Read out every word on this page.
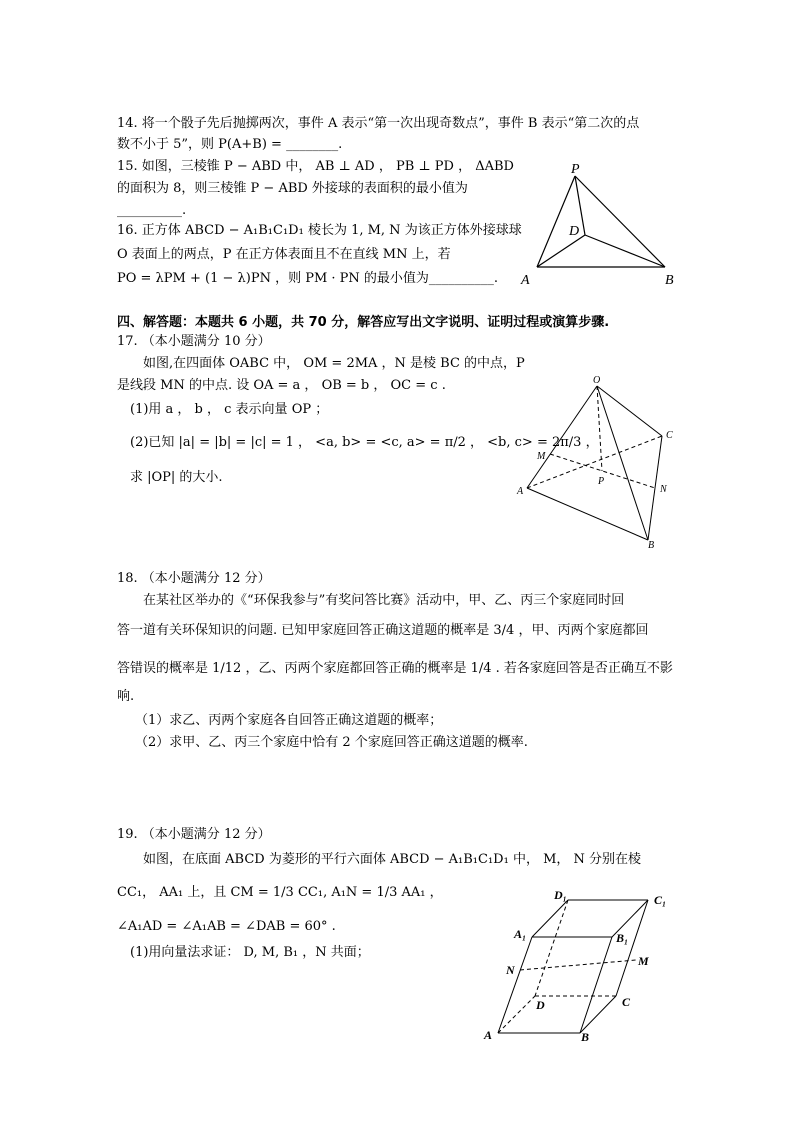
14. 将一个骰子先后抛掷两次，事件 A 表示“第一次出现奇数点”，事件 B 表示“第二次的点
数不小于 5”，则 P(A+B) = ________.
15. 如图，三棱锥 P − ABD 中， AB ⊥ AD ， PB ⊥ PD ， ΔABD
的面积为 8，则三棱锥 P − ABD 外接球的表面积的最小值为
__________.
16. 正方体 ABCD − A₁B₁C₁D₁ 棱长为 1, M, N 为该正方体外接球球
O 表面上的两点，P 在正方体表面且不在直线 MN 上，若
PO = λPM + (1 − λ)PN ，则 PM · PN 的最小值为__________.
P
D
A	B
四、解答题：本题共 6 小题，共 70 分，解答应写出文字说明、证明过程或演算步骤.
17. （本小题满分 10 分）
如图,在四面体 OABC 中， OM = 2MA ，N 是棱 BC 的中点，P
是线段 MN 的中点. 设 OA = a ， OB = b ， OC = c .
(1)用 a ， b ， c 表示向量 OP ；
(2)已知 |a| = |b| = |c| = 1 ， <a, b> = <c, a> = π/2 ， <b, c> = 2π/3 ，
求 |OP| 的大小.
O
C
M
P
N
A
B
18. （本小题满分 12 分）
在某社区举办的《“环保我参与”有奖问答比赛》活动中，甲、乙、丙三个家庭同时回
答一道有关环保知识的问题. 已知甲家庭回答正确这道题的概率是 3/4 ，甲、丙两个家庭都回
答错误的概率是 1/12 ，乙、丙两个家庭都回答正确的概率是 1/4 . 若各家庭回答是否正确互不影
响.
（1）求乙、丙两个家庭各自回答正确这道题的概率；
（2）求甲、乙、丙三个家庭中恰有 2 个家庭回答正确这道题的概率.
19. （本小题满分 12 分）
如图，在底面 ABCD 为菱形的平行六面体 ABCD − A₁B₁C₁D₁ 中， M， N 分别在棱
CC₁， AA₁ 上，且 CM = 1/3 CC₁, A₁N = 1/3 AA₁ ，
∠A₁AD = ∠A₁AB = ∠DAB = 60° .
(1)用向量法求证： D, M, B₁ ，N 共面；
D₁	C₁
A₁	B₁
N
M
D	C
A	B
